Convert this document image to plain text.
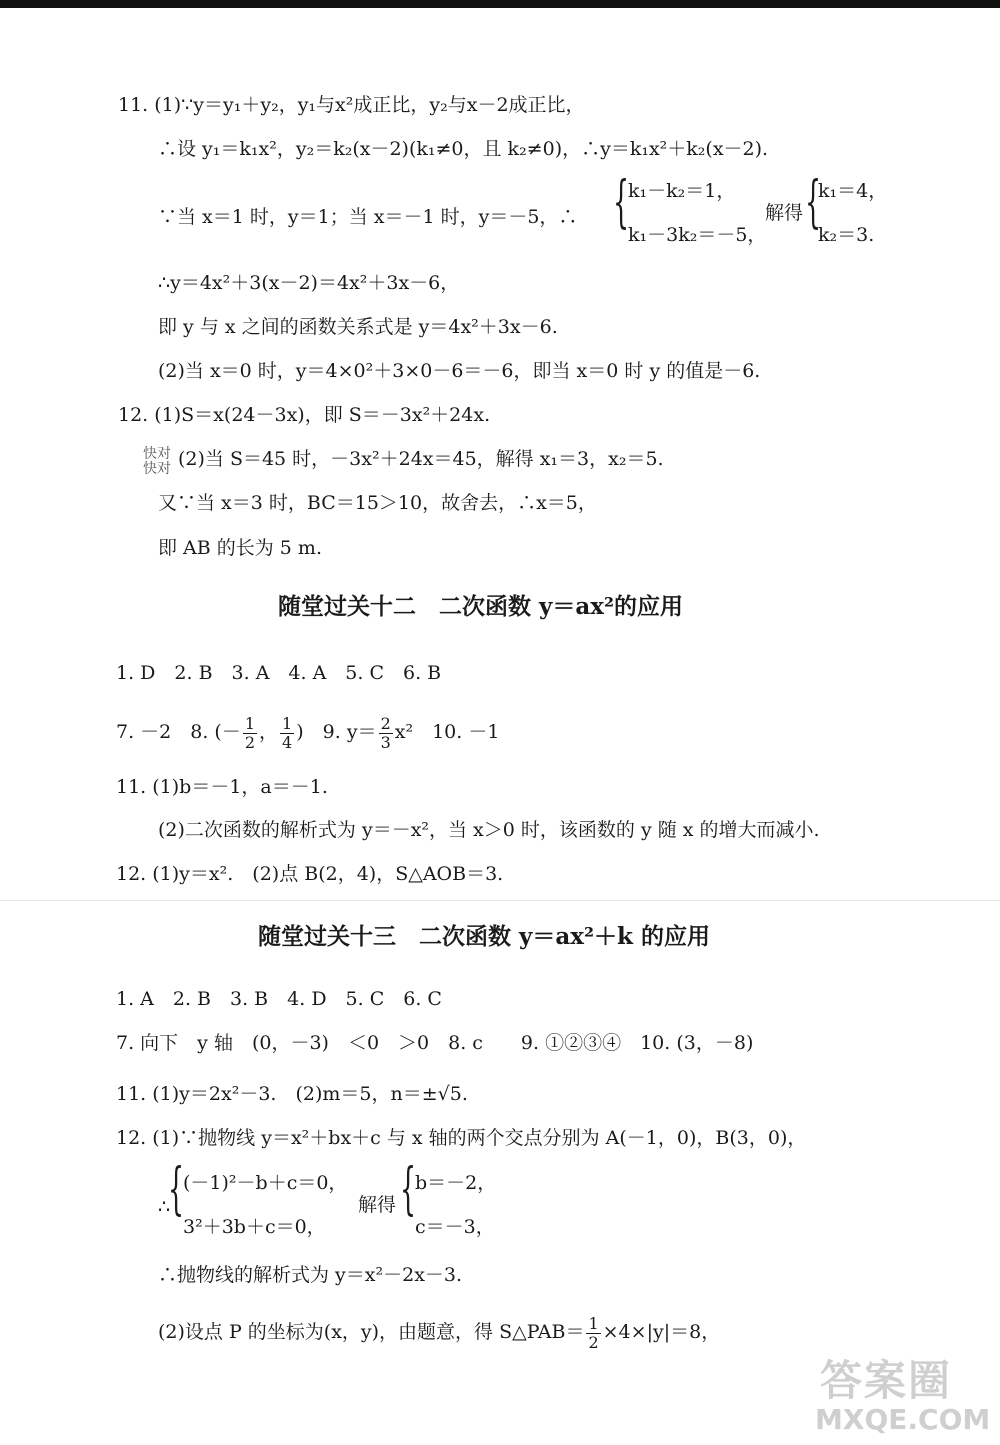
11. (1)∵y＝y₁＋y₂，y₁与x²成正比，y₂与x－2成正比，
∴设 y₁＝k₁x²，y₂＝k₂(x－2)(k₁≠0，且 k₂≠0)，∴y＝k₁x²＋k₂(x－2).
∵当 x＝1 时，y＝1；当 x＝－1 时，y＝－5，∴ {
k₁－k₂＝1，
k₁－3k₂＝－5，
解得 {
k₁＝4，
k₂＝3.
∴y＝4x²＋3(x－2)＝4x²＋3x－6，
即 y 与 x 之间的函数关系式是 y＝4x²＋3x－6.
(2)当 x＝0 时，y＝4×0²＋3×0－6＝－6，即当 x＝0 时 y 的值是－6.
12. (1)S＝x(24－3x)，即 S＝－3x²＋24x.
快对
快对 (2)当 S＝45 时，－3x²＋24x＝45，解得 x₁＝3，x₂＝5.
又∵当 x＝3 时，BC＝15＞10，故舍去，∴x＝5，
即 AB 的长为 5 m.
随堂过关十二　二次函数 y＝ax²的应用
1. D　2. B　3. A　4. A　5. C　6. B
7. －2　8. (－ $\frac{1}{2}$ ， $\frac{1}{4}$ )　9. $y= \frac{2}{3} x^2$　10. －1
11. (1)b＝－1，a＝－1.
(2)二次函数的解析式为 y＝－x²，当 x＞0 时，该函数的 y 随 x 的增大而减小.
12. (1)y＝x².　(2)点 B(2，4)，S△AOB＝3.
随堂过关十三　二次函数 y＝ax²＋k 的应用
1. A　2. B　3. B　4. D　5. C　6. C
7. 向下　y 轴　(0，－3)　＜0　＞0　8. c　　9. ①②③④　10. (3，－8)
11. (1)y＝2x²－3.　(2)m＝5，n＝±√5.
12. (1)∵抛物线 y＝x²＋bx＋c 与 x 轴的两个交点分别为 A(－1，0)，B(3，0)，
∴
{
(－1)²－b＋c＝0，
3²＋3b＋c＝0，
解得 {
b＝－2，
c＝－3，
∴抛物线的解析式为 y＝x²－2x－3.
(2)设点 P 的坐标为(x，y)，由题意，得 S△PAB＝ $\frac{1}{2} \times 4\times|y|=8$，
答案圈
MXQE.COM
